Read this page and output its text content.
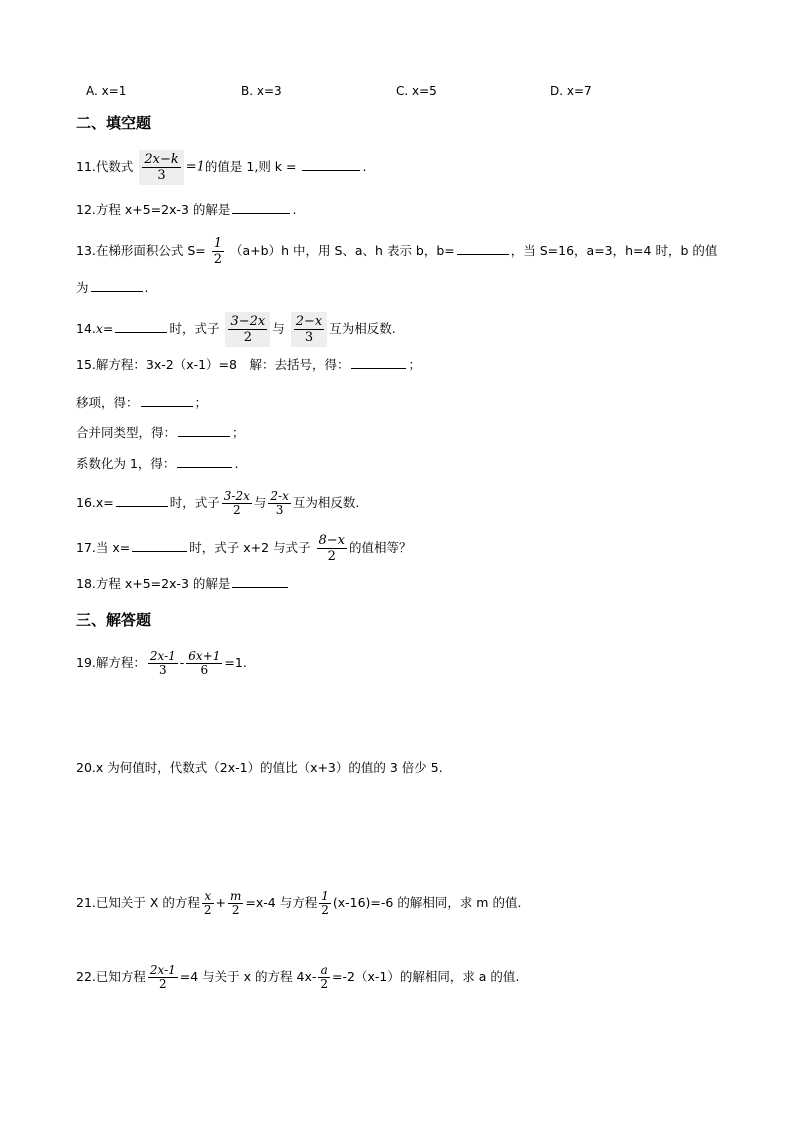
A. x=1	B. x=3	C. x=5	D. x=7
二、填空题
11.代数式 $\frac{2x-k}{3} =1$的值是 1,则 k =	.
12.方程 x+5=2x-3 的解是	.
13.在梯形面积公式 $S= \frac{1}{2} (a+b)h$ 中，用 S、a、h 表示 b，b=	，当 S=16，a=3，h=4 时，b 的值
为	.
14.x=	时，式子 $\frac{3-2x}{2}$ 与 $\frac{2-x}{3}$ 互为相反数.
15.解方程：3x-2（x-1）=8　解：去括号，得：	；
移项，得：	；
合并同类型，得：	；
系数化为 1，得：	.
16.x=	时，式子 $\frac{3-2x}{2}$ 与 $\frac{2-x}{3}$ 互为相反数.
17.当 x=	时，式子 x+2 与式子 $\frac{8-x}{2}$ 的值相等？
18.方程 x+5=2x-3 的解是
三、解答题
19.解方程： $\frac{2x-1}{3} - \frac{6x+1}{6} =1$.
20.x 为何值时，代数式（2x-1）的值比（x+3）的值的 3 倍少 5.
21.已知关于 X 的方程 $\frac{x}{2} + \frac{m}{2} =x-4$ 与方程 $\frac{1}{2} (x-16)=-6$ 的解相同，求 m 的值.
22.已知方程 $\frac{2x-1}{2} =4$ 与关于 x 的方程 $4x- \frac{a}{2} =-2(x-1)$的解相同，求 a 的值.
